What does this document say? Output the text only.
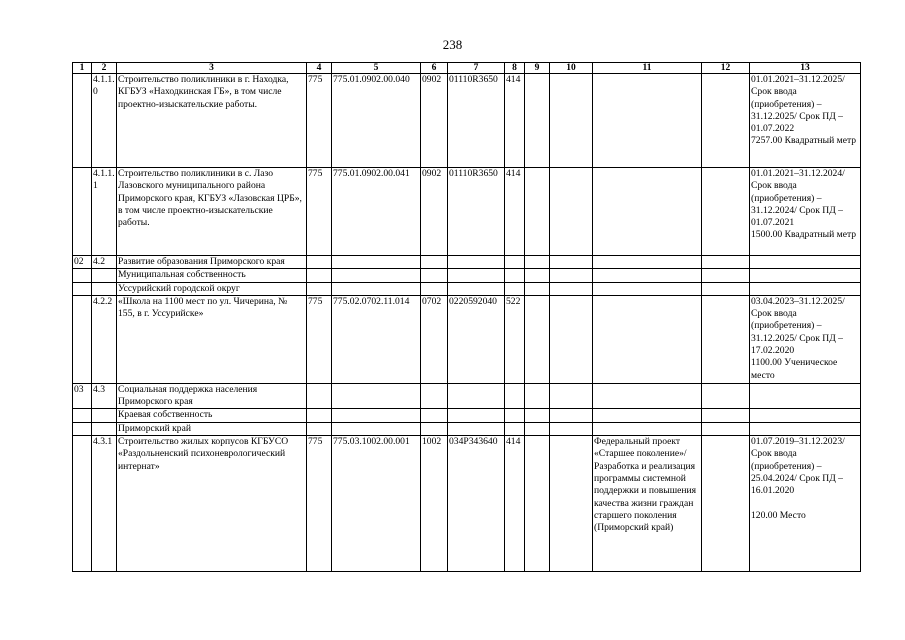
238
1	2	3	4	5	6	7	8	9	10	11	12	13
	4.1.1.0	Строительство поликлиники в г. Находка, КГБУЗ «Находкинская ГБ», в том числе проектно-изыскательские работы.	775	775.01.0902.00.040	0902	01110R3650	414					01.01.2021–31.12.2025/ Срок ввода (приобретения) – 31.12.2025/ Срок ПД – 01.07.2022
7257.00 Квадратный метр
	4.1.1.1	Строительство поликлиники в с. Лазо Лазовского муниципального района Приморского края, КГБУЗ «Лазовская ЦРБ», в том числе проектно-изыскательские работы.	775	775.01.0902.00.041	0902	01110R3650	414					01.01.2021–31.12.2024/ Срок ввода (приобретения) – 31.12.2024/ Срок ПД – 01.07.2021
1500.00 Квадратный метр
02	4.2	Развитие образования Приморского края										
		Муниципальная собственность										
		Уссурийский городской округ										
	4.2.2	«Школа на 1100 мест по ул. Чичерина, № 155, в г. Уссурийске»	775	775.02.0702.11.014	0702	0220592040	522					03.04.2023–31.12.2025/ Срок ввода (приобретения) – 31.12.2025/ Срок ПД – 17.02.2020
1100.00 Ученическое место
03	4.3	Социальная поддержка населения Приморского края										
		Краевая собственность										
		Приморский край										
	4.3.1	Строительство жилых корпусов КГБУСО «Раздольненский психоневрологический интернат»	775	775.03.1002.00.001	1002	034P343640	414			Федеральный проект «Старшее поколение»/Разработка и реализация программы системной поддержки и повышения качества жизни граждан старшего поколения (Приморский край)		01.07.2019–31.12.2023/ Срок ввода (приобретения) – 25.04.2024/ Срок ПД – 16.01.2020

120.00 Место
